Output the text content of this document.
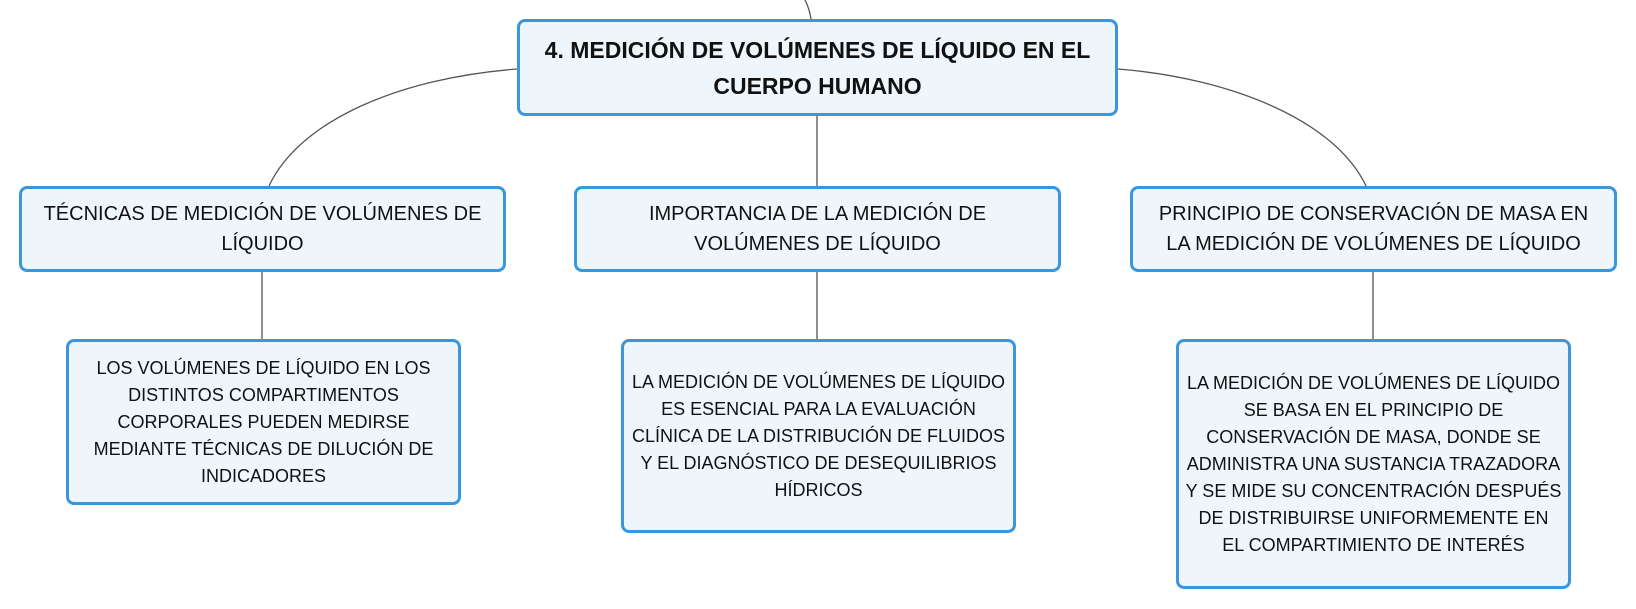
4. MEDICIÓN DE VOLÚMENES DE LÍQUIDO EN EL CUERPO HUMANO
TÉCNICAS DE MEDICIÓN DE VOLÚMENES DE LÍQUIDO
IMPORTANCIA DE LA MEDICIÓN DE VOLÚMENES DE LÍQUIDO
PRINCIPIO DE CONSERVACIÓN DE MASA EN LA MEDICIÓN DE VOLÚMENES DE LÍQUIDO
LOS VOLÚMENES DE LÍQUIDO EN LOS DISTINTOS COMPARTIMENTOS CORPORALES PUEDEN MEDIRSE MEDIANTE TÉCNICAS DE DILUCIÓN DE INDICADORES
LA MEDICIÓN DE VOLÚMENES DE LÍQUIDO ES ESENCIAL PARA LA EVALUACIÓN CLÍNICA DE LA DISTRIBUCIÓN DE FLUIDOS Y EL DIAGNÓSTICO DE DESEQUILIBRIOS HÍDRICOS
LA MEDICIÓN DE VOLÚMENES DE LÍQUIDO SE BASA EN EL PRINCIPIO DE CONSERVACIÓN DE MASA, DONDE SE ADMINISTRA UNA SUSTANCIA TRAZADORA Y SE MIDE SU CONCENTRACIÓN DESPUÉS DE DISTRIBUIRSE UNIFORMEMENTE EN EL COMPARTIMIENTO DE INTERÉS
